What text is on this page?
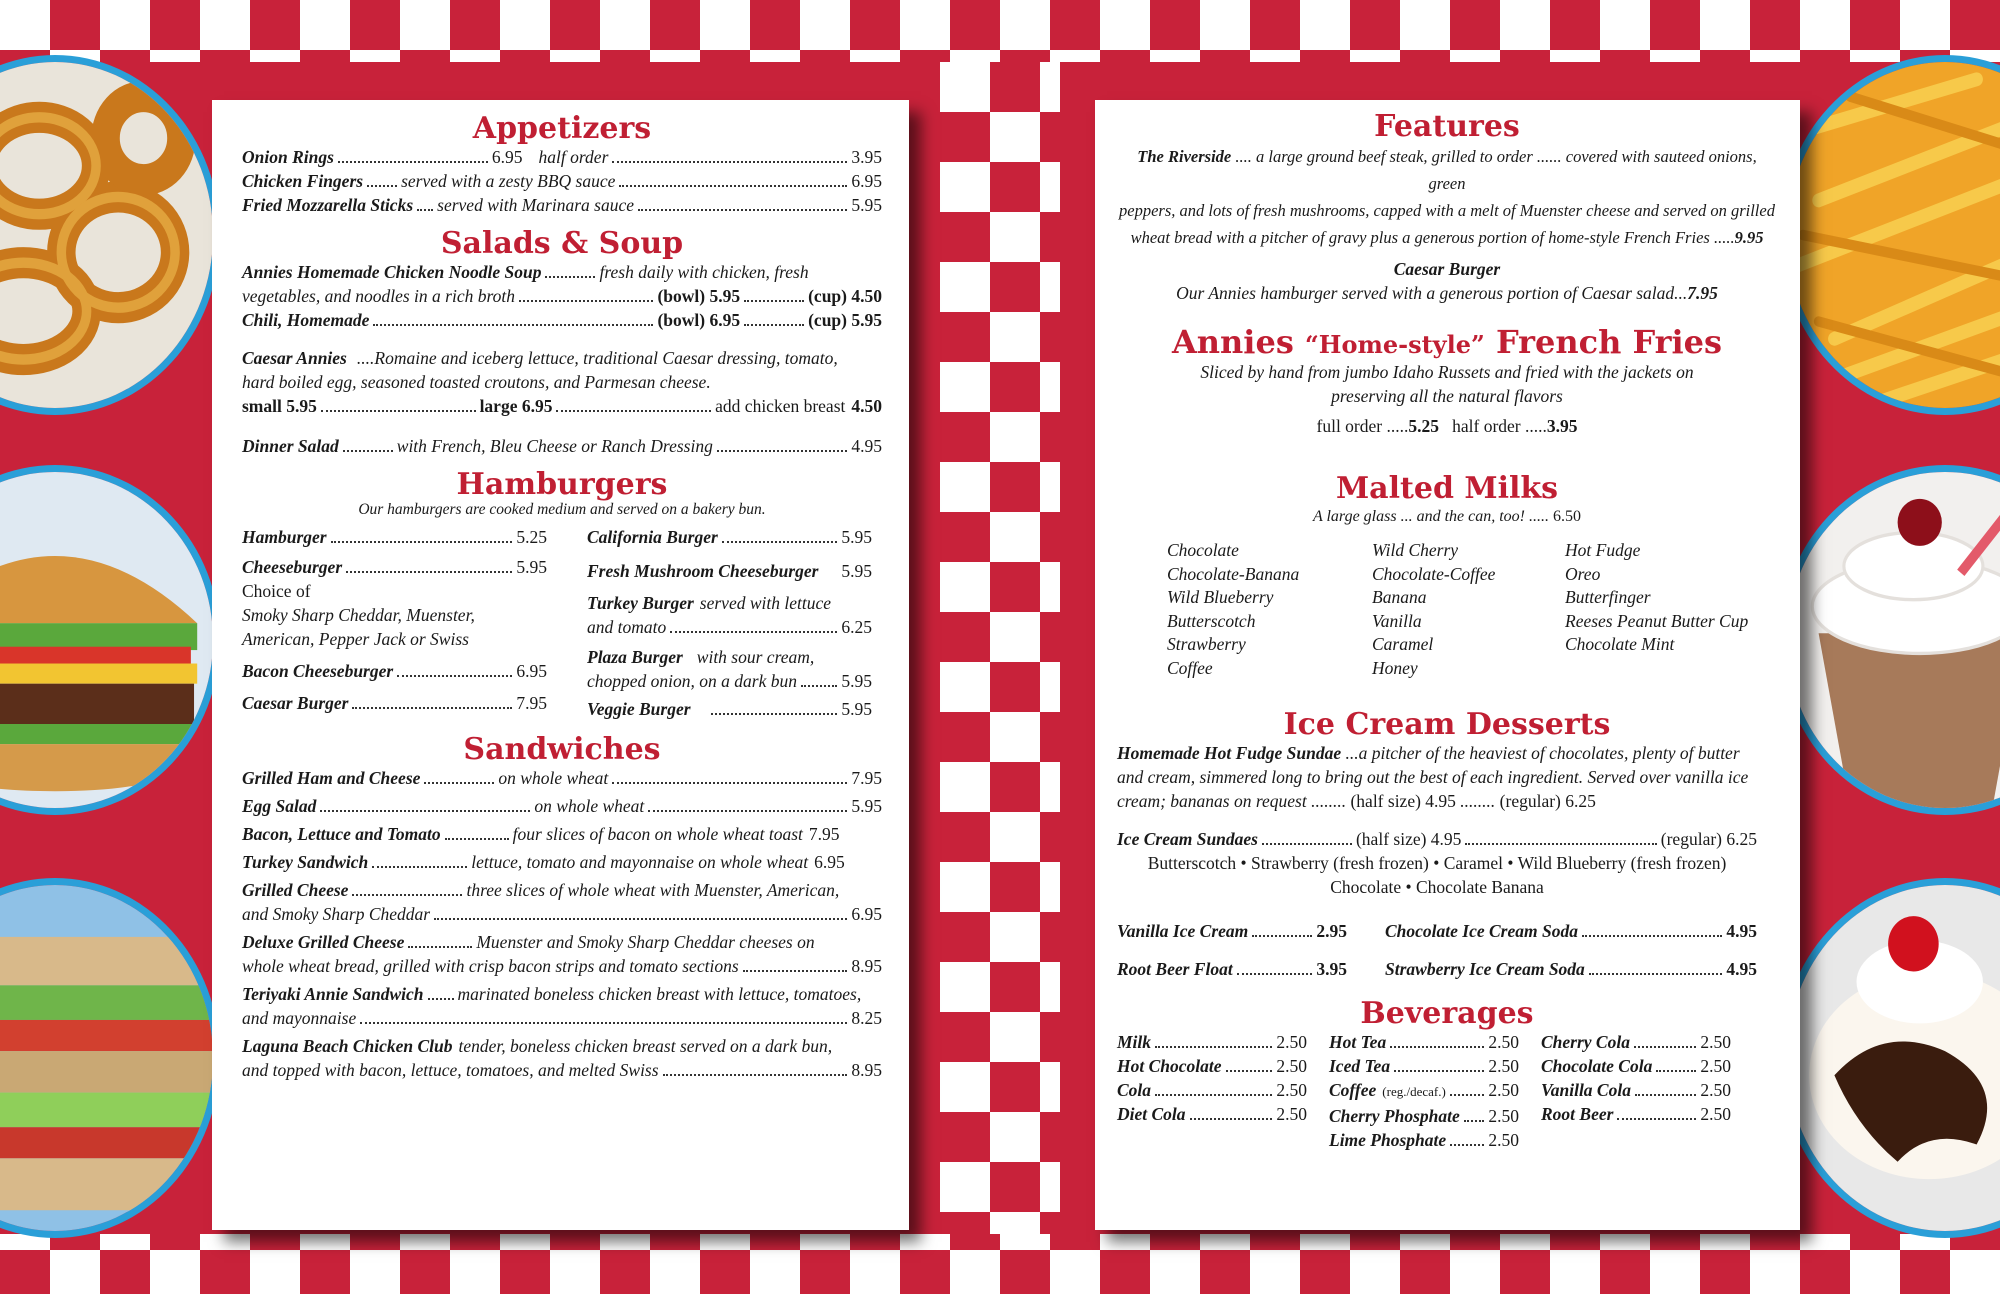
Appetizers
Onion Rings	6.95 half order	3.95
Chicken Fingers served with a zesty BBQ sauce	6.95
Fried Mozzarella Sticks served with Marinara sauce	5.95
Salads & Soup
Annies Homemade Chicken Noodle Soup	fresh daily with chicken, fresh
vegetables, and noodles in a rich broth	(bowl) 5.95	(cup) 4.50
Chili, Homemade	(bowl) 6.95	(cup) 5.95
Caesar Annies .... Romaine and iceberg lettuce, traditional Caesar dressing, tomato,
hard boiled egg, seasoned toasted croutons, and Parmesan cheese.
small 5.95	large 6.95	add chicken breast 4.50
Dinner Salad	with French, Bleu Cheese or Ranch Dressing	4.95
Hamburgers
Our hamburgers are cooked medium and served on a bakery bun.
Hamburger	5.25
Cheeseburger	5.95
Choice of
Smoky Sharp Cheddar, Muenster,
American, Pepper Jack or Swiss
Bacon Cheeseburger	6.95
Caesar Burger	7.95
California Burger	5.95
Fresh Mushroom Cheeseburger 5.95
Turkey Burger served with lettuce
and tomato	6.25
Plaza Burger with sour cream,
chopped onion, on a dark bun	5.95
Veggie Burger	5.95
Sandwiches
Grilled Ham and Cheese	on whole wheat	7.95
Egg Salad	on whole wheat	5.95
Bacon, Lettuce and Tomato	four slices of bacon on whole wheat toast 7.95
Turkey Sandwich	lettuce, tomato and mayonnaise on whole wheat 6.95
Grilled Cheese	three slices of whole wheat with Muenster, American,
and Smoky Sharp Cheddar	6.95
Deluxe Grilled Cheese	Muenster and Smoky Sharp Cheddar cheeses on
whole wheat bread, grilled with crisp bacon strips and tomato sections	8.95
Teriyaki Annie Sandwich marinated boneless chicken breast with lettuce, tomatoes,
and mayonnaise	8.25
Laguna Beach Chicken Club tender, boneless chicken breast served on a dark bun,
and topped with bacon, lettuce, tomatoes, and melted Swiss	8.95
Features
The Riverside .... a large ground beef steak, grilled to order ...... covered with sauteed onions, green
peppers, and lots of fresh mushrooms, capped with a melt of Muenster cheese and served on grilled
wheat bread with a pitcher of gravy plus a generous portion of home-style French Fries .....9.95
Caesar Burger
Our Annies hamburger served with a generous portion of Caesar salad...7.95
Annies “Home-style” French Fries
Sliced by hand from jumbo Idaho Russets and fried with the jackets on
preserving all the natural flavors
full order .....5.25 half order .....3.95
Malted Milks
A large glass ... and the can, too! ..... 6.50
Chocolate
Chocolate-Banana
Wild Blueberry
Butterscotch
Strawberry
Coffee
Wild Cherry
Chocolate-Coffee
Banana
Vanilla
Caramel
Honey
Hot Fudge
Oreo
Butterfinger
Reeses Peanut Butter Cup
Chocolate Mint
Ice Cream Desserts
Homemade Hot Fudge Sundae ...a pitcher of the heaviest of chocolates, plenty of butter
and cream, simmered long to bring out the best of each ingredient. Served over vanilla ice
cream; bananas on request ........ (half size) 4.95 ........ (regular) 6.25
Ice Cream Sundaes	(half size) 4.95	(regular) 6.25
Butterscotch • Strawberry (fresh frozen) • Caramel • Wild Blueberry (fresh frozen)
Chocolate • Chocolate Banana
Vanilla Ice Cream	2.95
Root Beer Float	3.95
Chocolate Ice Cream Soda	4.95
Strawberry Ice Cream Soda	4.95
Beverages
Milk	2.50
Hot Chocolate	2.50
Cola	2.50
Diet Cola	2.50
Hot Tea	2.50
Iced Tea	2.50
Coffee (reg./decaf.) 2.50
Cherry Phosphate 2.50
Lime Phosphate 2.50
Cherry Cola	2.50
Chocolate Cola	2.50
Vanilla Cola	2.50
Root Beer	2.50
